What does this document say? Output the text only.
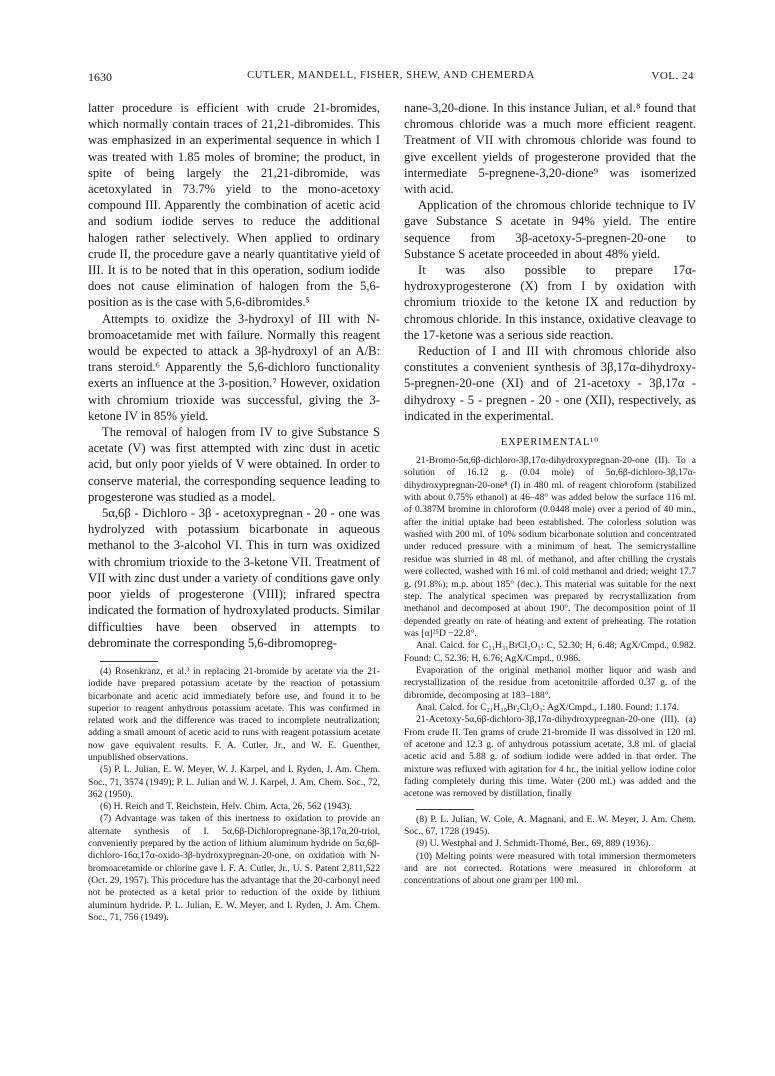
1630	CUTLER, MANDELL, FISHER, SHEW, AND CHEMERDA	VOL. 24

latter procedure is efficient with crude 21-bromides, which normally contain traces of 21,21-dibromides. This was emphasized in an experimental sequence in which I was treated with 1.85 moles of bromine; the product, in spite of being largely the 21,21-dibromide, was acetoxylated in 73.7% yield to the mono-acetoxy compound III. Apparently the combination of acetic acid and sodium iodide serves to reduce the additional halogen rather selectively. When applied to ordinary crude II, the procedure gave a nearly quantitative yield of III. It is to be noted that in this operation, sodium iodide does not cause elimination of halogen from the 5,6-position as is the case with 5,6-dibromides.⁵

Attempts to oxidize the 3-hydroxyl of III with N-bromoacetamide met with failure. Normally this reagent would be expected to attack a 3β-hydroxyl of an A/B: trans steroid.⁶ Apparently the 5,6-dichloro functionality exerts an influence at the 3-position.⁷ However, oxidation with chromium trioxide was successful, giving the 3-ketone IV in 85% yield.

The removal of halogen from IV to give Substance S acetate (V) was first attempted with zinc dust in acetic acid, but only poor yields of V were obtained. In order to conserve material, the corresponding sequence leading to progesterone was studied as a model.

5α,6β - Dichloro - 3β - acetoxypregnan - 20 - one was hydrolyzed with potassium bicarbonate in aqueous methanol to the 3-alcohol VI. This in turn was oxidized with chromium trioxide to the 3-ketone VII. Treatment of VII with zinc dust under a variety of conditions gave only poor yields of progesterone (VIII); infrared spectra indicated the formation of hydroxylated products. Similar difficulties have been observed in attempts to debrominate the corresponding 5,6-dibromopreg-

(4) Rosenkranz, et al.³ in replacing 21-bromide by acetate via the 21-iodide have prepared potassium acetate by the reaction of potassium bicarbonate and acetic acid immediately before use, and found it to be superior to reagent anhydrous potassium acetate. This was confirmed in related work and the difference was traced to incomplete neutralization; adding a small amount of acetic acid to runs with reagent potassium acetate now gave equivalent results. F. A. Cutler, Jr., and W. E. Guenther, unpublished observations.

(5) P. L. Julian, E. W. Meyer, W. J. Karpel, and I. Ryden, J. Am. Chem. Soc., 71, 3574 (1949); P. L. Julian and W. J. Karpel, J. Am. Chem. Soc., 72, 362 (1950).

(6) H. Reich and T. Reichstein, Helv. Chim. Acta, 26, 562 (1943).

(7) Advantage was taken of this inertness to oxidation to provide an alternate synthesis of I. 5α,6β-Dichloropregnane-3β,17α,20-triol, conveniently prepared by the action of lithium aluminum hydride on 5α,6β-dichloro-16α,17α-oxido-3β-hydroxypregnan-20-one, on oxidation with N-bromoacetamide or chlorine gave I. F. A. Cutler, Jr., U. S. Patent 2,811,522 (Oct. 29, 1957). This procedure has the advantage that the 20-carbonyl need not be protected as a ketal prior to reduction of the oxide by lithium aluminum hydride. P. L. Julian, E. W. Meyer, and I. Ryden, J. Am. Chem. Soc., 71, 756 (1949).

nane-3,20-dione. In this instance Julian, et al.⁸ found that chromous chloride was a much more efficient reagent. Treatment of VII with chromous chloride was found to give excellent yields of progesterone provided that the intermediate 5-pregnene-3,20-dione⁹ was isomerized with acid.

Application of the chromous chloride technique to IV gave Substance S acetate in 94% yield. The entire sequence from 3β-acetoxy-5-pregnen-20-one to Substance S acetate proceeded in about 48% yield.

It was also possible to prepare 17α-hydroxyprogesterone (X) from I by oxidation with chromium trioxide to the ketone IX and reduction by chromous chloride. In this instance, oxidative cleavage to the 17-ketone was a serious side reaction.

Reduction of I and III with chromous chloride also constitutes a convenient synthesis of 3β,17α-dihydroxy-5-pregnen-20-one (XI) and of 21-acetoxy - 3β,17α - dihydroxy - 5 - pregnen - 20 - one (XII), respectively, as indicated in the experimental.

EXPERIMENTAL¹⁰

21-Bromo-5α,6β-dichloro-3β,17α-dihydroxypregnan-20-one (II). To a solution of 16.12 g. (0.04 mole) of 5α,6β-dichloro-3β,17α-dihydroxypregnan-20-one⁸ (I) in 480 ml. of reagent chloroform (stabilized with about 0.75% ethanol) at 46–48° was added below the surface 116 ml. of 0.387M bromine in chloroform (0.0448 mole) over a period of 40 min., after the initial uptake had been established. The colorless solution was washed with 200 ml. of 10% sodium bicarbonate solution and concentrated under reduced pressure with a minimum of heat. The semicrystalline residue was slurried in 48 ml. of methanol, and after chilling the crystals were collected, washed with 16 ml. of cold methanol and dried; weight 17.7 g. (91.8%); m.p. about 185° (dec.). This material was suitable for the next step. The analytical specimen was prepared by recrystallization from methanol and decomposed at about 190°. The decomposition point of II depended greatly on rate of heating and extent of preheating. The rotation was [α]²⁵D −22.8°.

Anal. Calcd. for C₂₁H₃₁BrCl₂O₃: C, 52.30; H, 6.48; AgX/Cmpd., 0.982. Found: C, 52.36; H, 6.76; AgX/Cmpd., 0.986.

Evaporation of the original methanol mother liquor and wash and recrystallization of the residue from acetonitrile afforded 0.37 g. of the dibromide, decomposing at 183–188°.

Anal. Calcd. for C₂₁H₃₀Br₂Cl₂O₃: AgX/Cmpd., 1.180. Found: 1.174.

21-Acetoxy-5α,6β-dichloro-3β,17α-dihydroxypregnan-20-one (III). (a) From crude II. Ten grams of crude 21-bromide II was dissolved in 120 ml. of acetone and 12.3 g. of anhydrous potassium acetate, 3.8 ml. of glacial acetic acid and 5.88 g. of sodium iodide were added in that order. The mixture was refluxed with agitation for 4 hr., the initial yellow iodine color fading completely during this time. Water (200 ml.) was added and the acetone was removed by distillation, finally

(8) P. L. Julian, W. Cole, A. Magnani, and E. W. Meyer, J. Am. Chem. Soc., 67, 1728 (1945).

(9) U. Westphal and J. Schmidt-Thomé, Ber., 69, 889 (1936).

(10) Melting points were measured with total immersion thermometers and are not corrected. Rotations were measured in chloroform at concentrations of about one gram per 100 ml.
